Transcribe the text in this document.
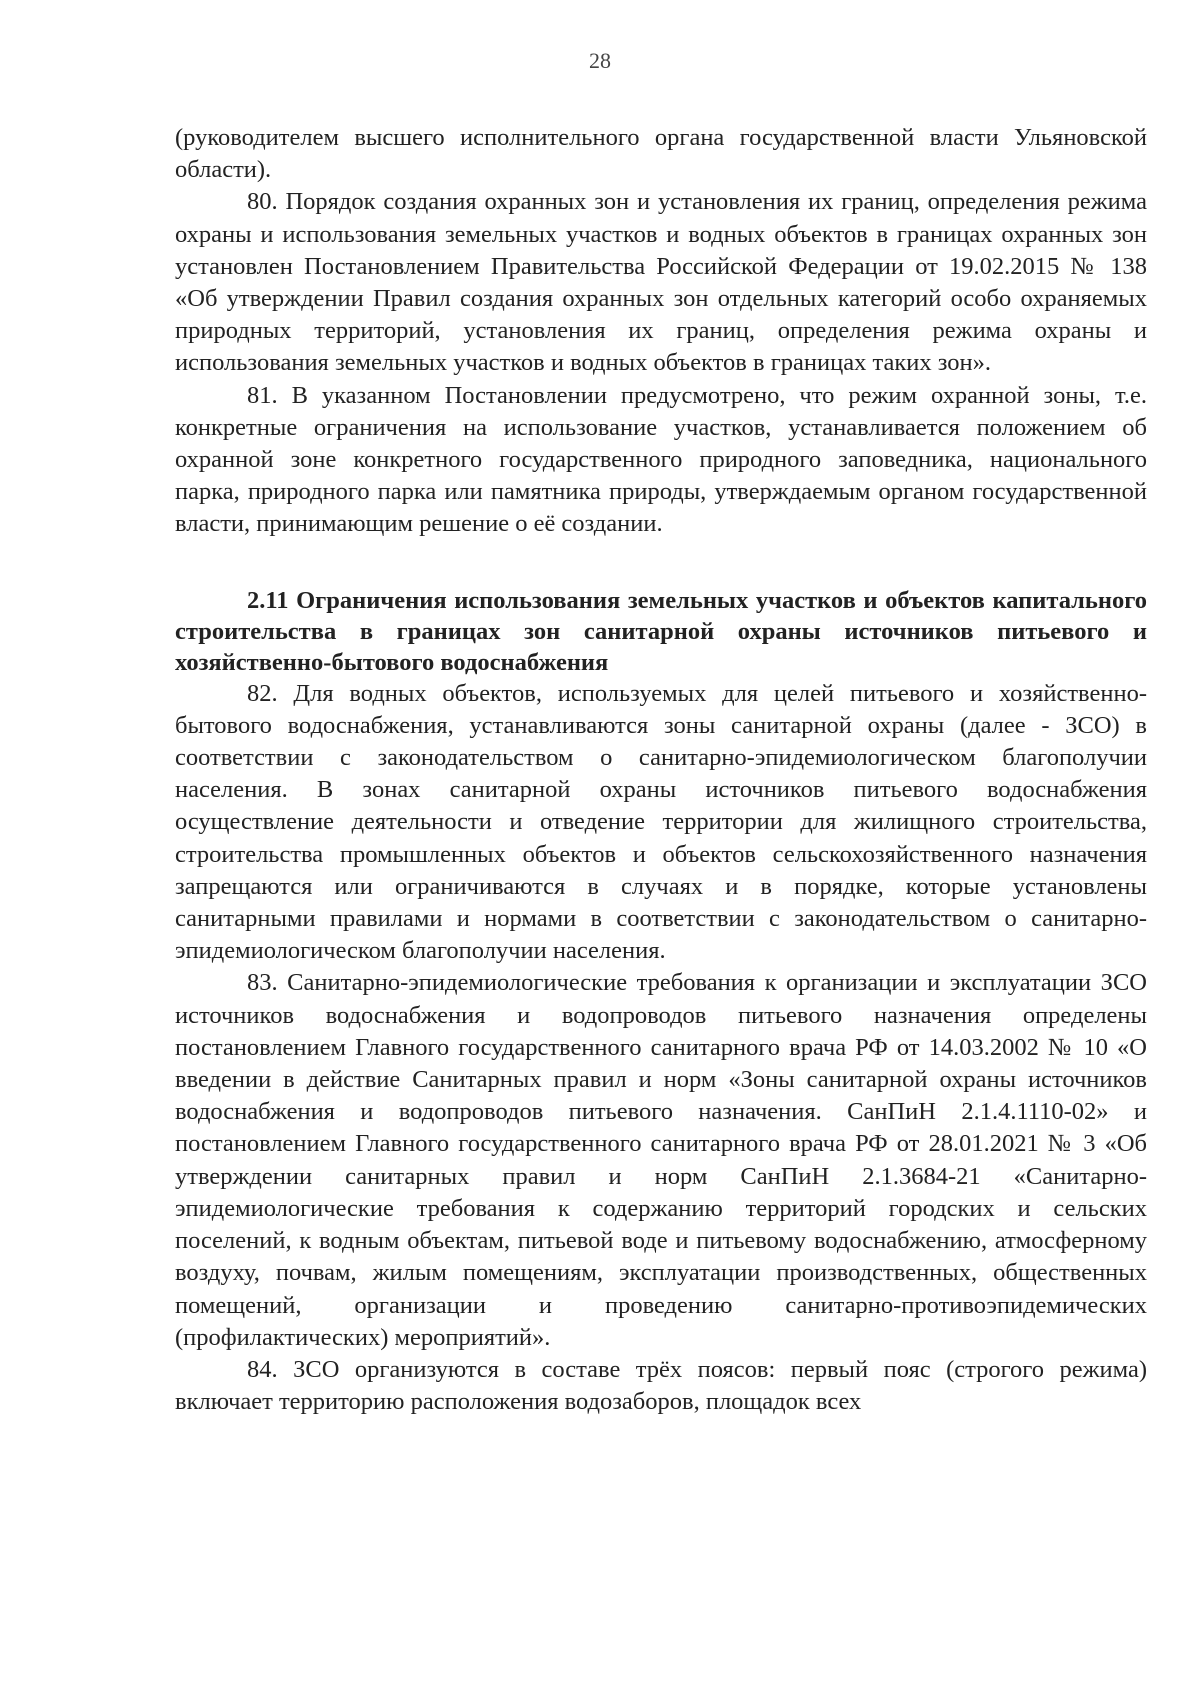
28

(руководителем высшего исполнительного органа государственной власти Ульяновской области).

80. Порядок создания охранных зон и установления их границ, определения режима охраны и использования земельных участков и водных объектов в границах охранных зон установлен Постановлением Правительства Российской Федерации от 19.02.2015 № 138 «Об утверждении Правил создания охранных зон отдельных категорий особо охраняемых природных территорий, установления их границ, определения режима охраны и использования земельных участков и водных объектов в границах таких зон».

81. В указанном Постановлении предусмотрено, что режим охранной зоны, т.е. конкретные ограничения на использование участков, устанавливается положением об охранной зоне конкретного государственного природного заповедника, национального парка, природного парка или памятника природы, утверждаемым органом государственной власти, принимающим решение о её создании.

2.11 Ограничения использования земельных участков и объектов капитального строительства в границах зон санитарной охраны источников питьевого и хозяйственно-бытового водоснабжения

82. Для водных объектов, используемых для целей питьевого и хозяйственно-бытового водоснабжения, устанавливаются зоны санитарной охраны (далее - ЗСО) в соответствии с законодательством о санитарно-эпидемиологическом благополучии населения. В зонах санитарной охраны источников питьевого водоснабжения осуществление деятельности и отведение территории для жилищного строительства, строительства промышленных объектов и объектов сельскохозяйственного назначения запрещаются или ограничиваются в случаях и в порядке, которые установлены санитарными правилами и нормами в соответствии с законодательством о санитарно-эпидемиологическом благополучии населения.

83. Санитарно-эпидемиологические требования к организации и эксплуатации ЗСО источников водоснабжения и водопроводов питьевого назначения определены постановлением Главного государственного санитарного врача РФ от 14.03.2002 № 10 «О введении в действие Санитарных правил и норм «Зоны санитарной охраны источников водоснабжения и водопроводов питьевого назначения. СанПиН 2.1.4.1110-02» и постановлением Главного государственного санитарного врача РФ от 28.01.2021 № 3 «Об утверждении санитарных правил и норм СанПиН 2.1.3684-21 «Санитарно-эпидемиологические требования к содержанию территорий городских и сельских поселений, к водным объектам, питьевой воде и питьевому водоснабжению, атмосферному воздуху, почвам, жилым помещениям, эксплуатации производственных, общественных помещений, организации и проведению санитарно-противоэпидемических (профилактических) мероприятий».

84. ЗСО организуются в составе трёх поясов: первый пояс (строгого режима) включает территорию расположения водозаборов, площадок всех
